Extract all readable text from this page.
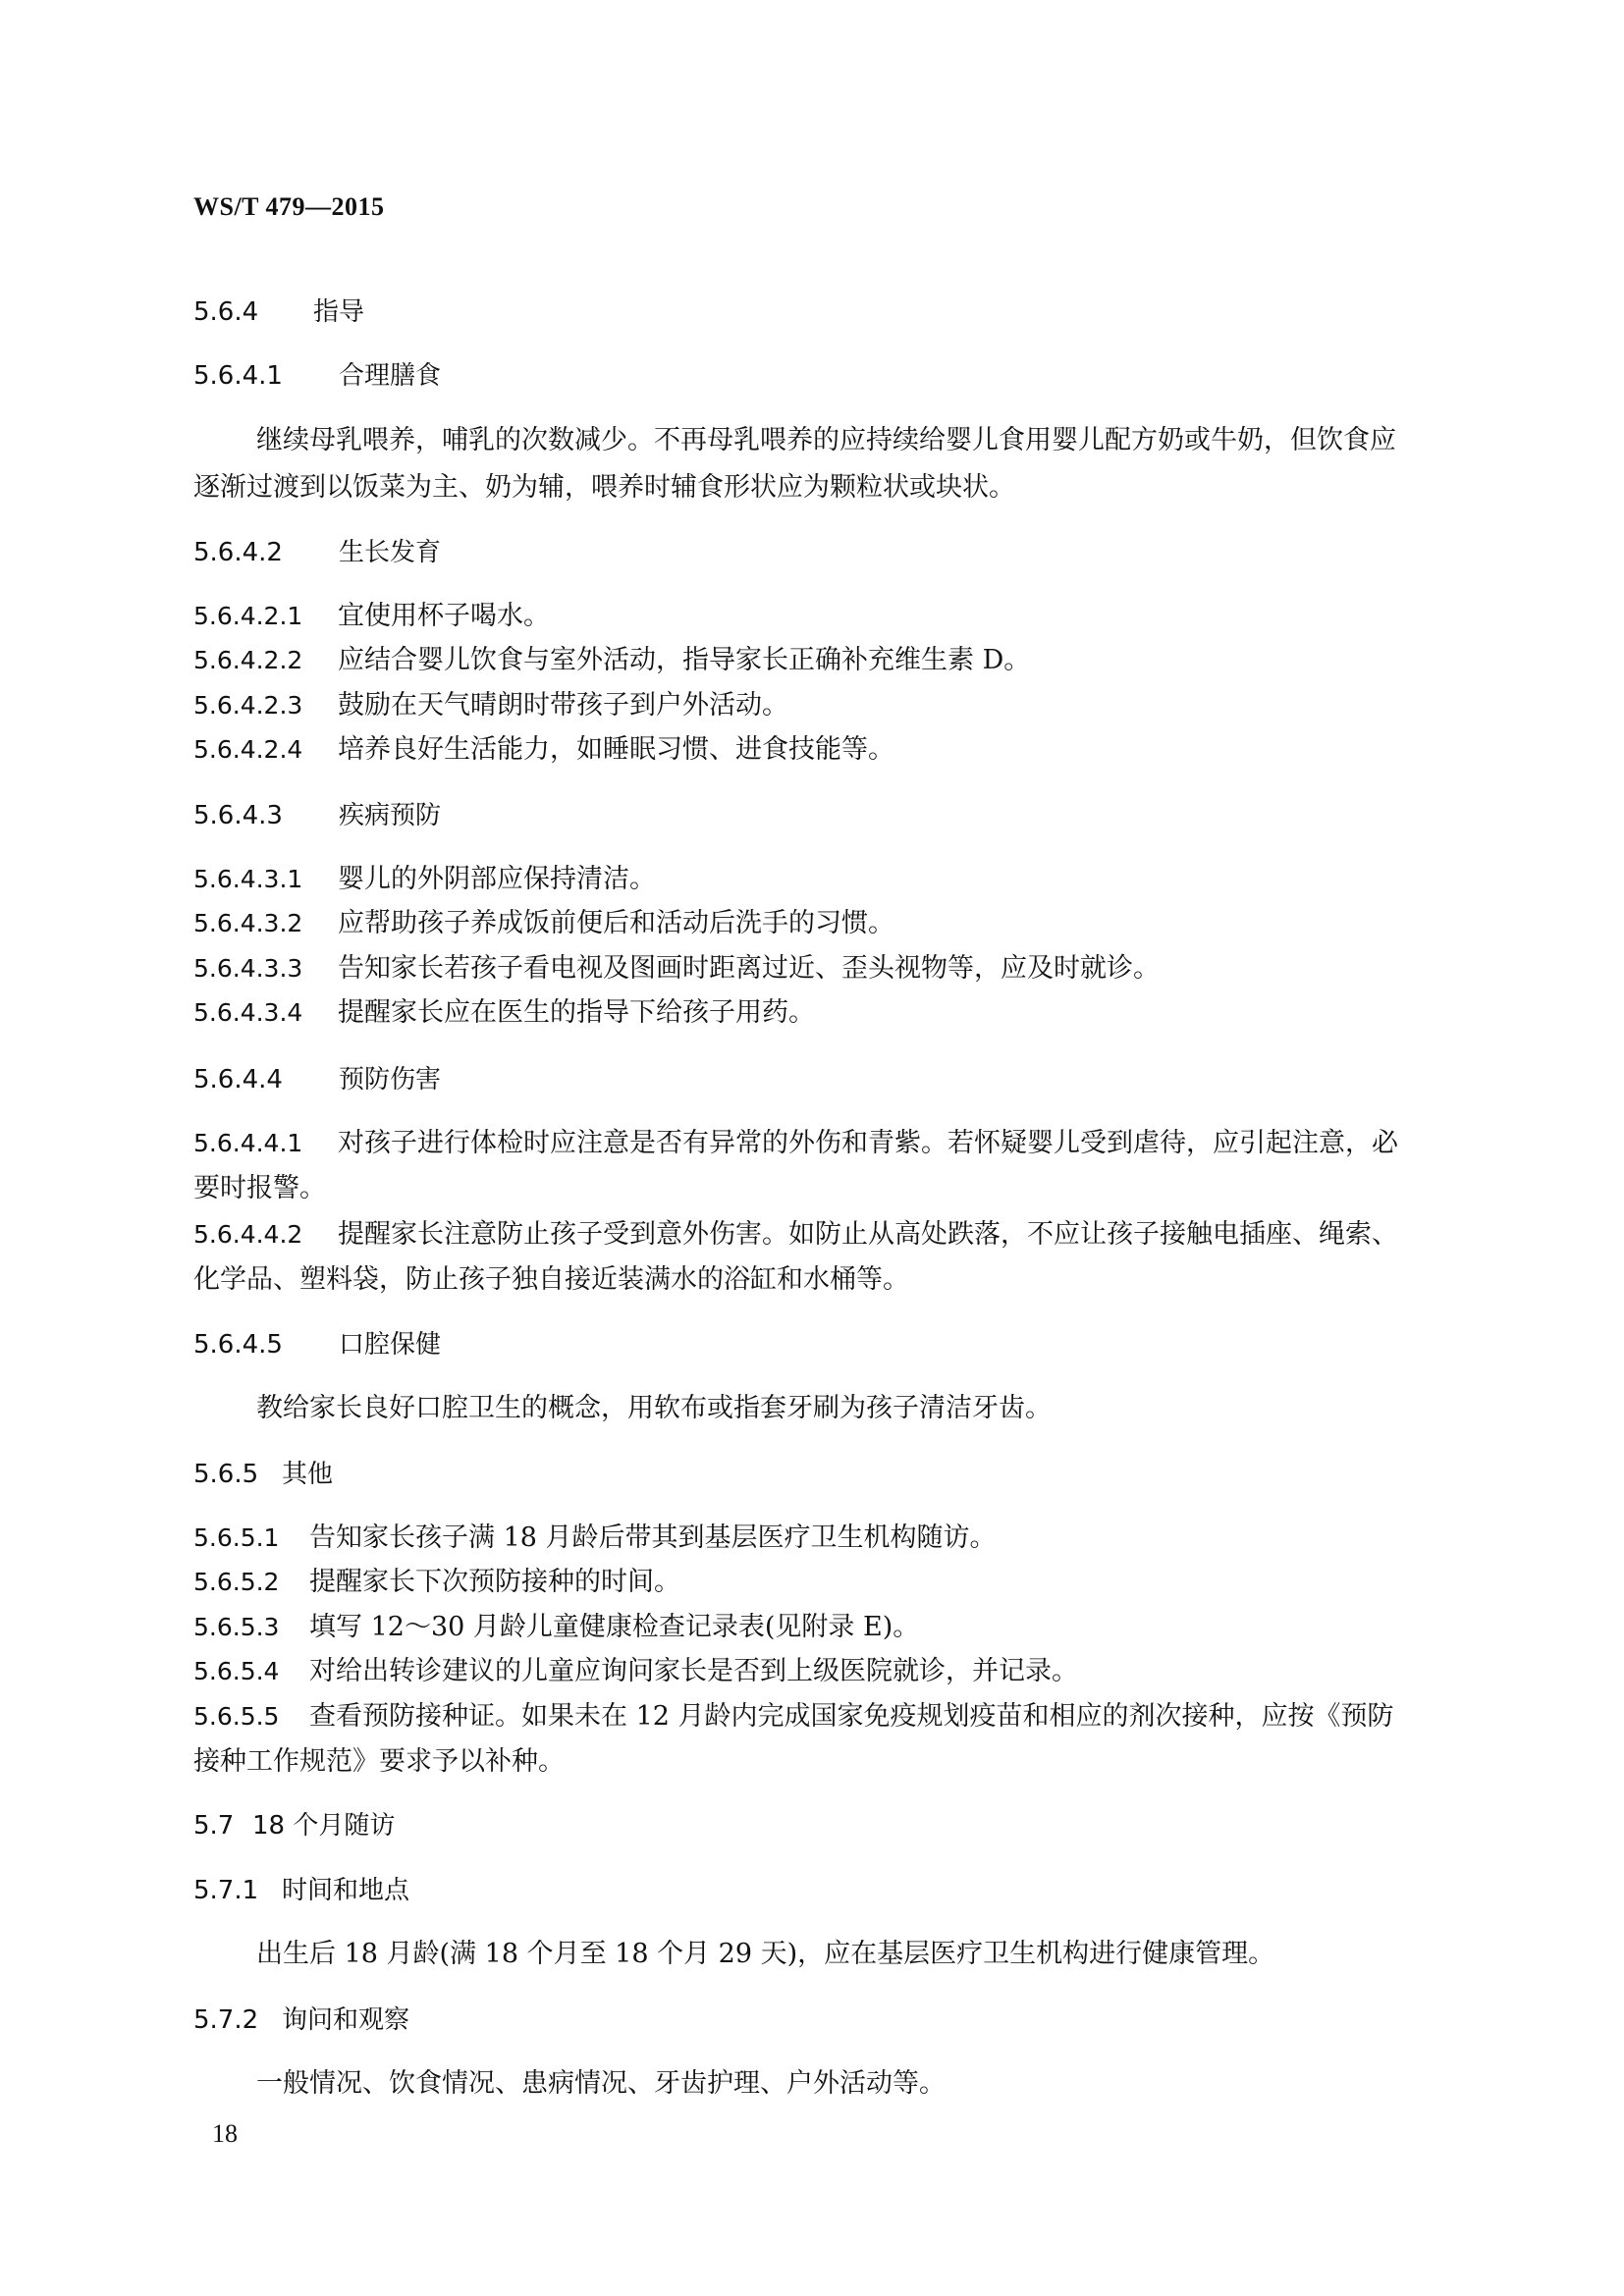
WS/T 479—2015
5.6.4 指导
5.6.4.1 合理膳食
继续母乳喂养，哺乳的次数减少。不再母乳喂养的应持续给婴儿食用婴儿配方奶或牛奶，但饮食应
逐渐过渡到以饭菜为主、奶为辅，喂养时辅食形状应为颗粒状或块状。
5.6.4.2 生长发育
5.6.4.2.1 宜使用杯子喝水。
5.6.4.2.2 应结合婴儿饮食与室外活动，指导家长正确补充维生素 D。
5.6.4.2.3 鼓励在天气晴朗时带孩子到户外活动。
5.6.4.2.4 培养良好生活能力，如睡眠习惯、进食技能等。
5.6.4.3 疾病预防
5.6.4.3.1 婴儿的外阴部应保持清洁。
5.6.4.3.2 应帮助孩子养成饭前便后和活动后洗手的习惯。
5.6.4.3.3 告知家长若孩子看电视及图画时距离过近、歪头视物等，应及时就诊。
5.6.4.3.4 提醒家长应在医生的指导下给孩子用药。
5.6.4.4 预防伤害
5.6.4.4.1 对孩子进行体检时应注意是否有异常的外伤和青紫。若怀疑婴儿受到虐待，应引起注意，必
要时报警。
5.6.4.4.2 提醒家长注意防止孩子受到意外伤害。如防止从高处跌落，不应让孩子接触电插座、绳索、
化学品、塑料袋，防止孩子独自接近装满水的浴缸和水桶等。
5.6.4.5 口腔保健
教给家长良好口腔卫生的概念，用软布或指套牙刷为孩子清洁牙齿。
5.6.5 其他
5.6.5.1 告知家长孩子满 18 月龄后带其到基层医疗卫生机构随访。
5.6.5.2 提醒家长下次预防接种的时间。
5.6.5.3 填写 12～30 月龄儿童健康检查记录表(见附录 E)。
5.6.5.4 对给出转诊建议的儿童应询问家长是否到上级医院就诊，并记录。
5.6.5.5 查看预防接种证。如果未在 12 月龄内完成国家免疫规划疫苗和相应的剂次接种，应按《预防
接种工作规范》要求予以补种。
5.7 18 个月随访
5.7.1 时间和地点
出生后 18 月龄(满 18 个月至 18 个月 29 天)，应在基层医疗卫生机构进行健康管理。
5.7.2 询问和观察
一般情况、饮食情况、患病情况、牙齿护理、户外活动等。
18
